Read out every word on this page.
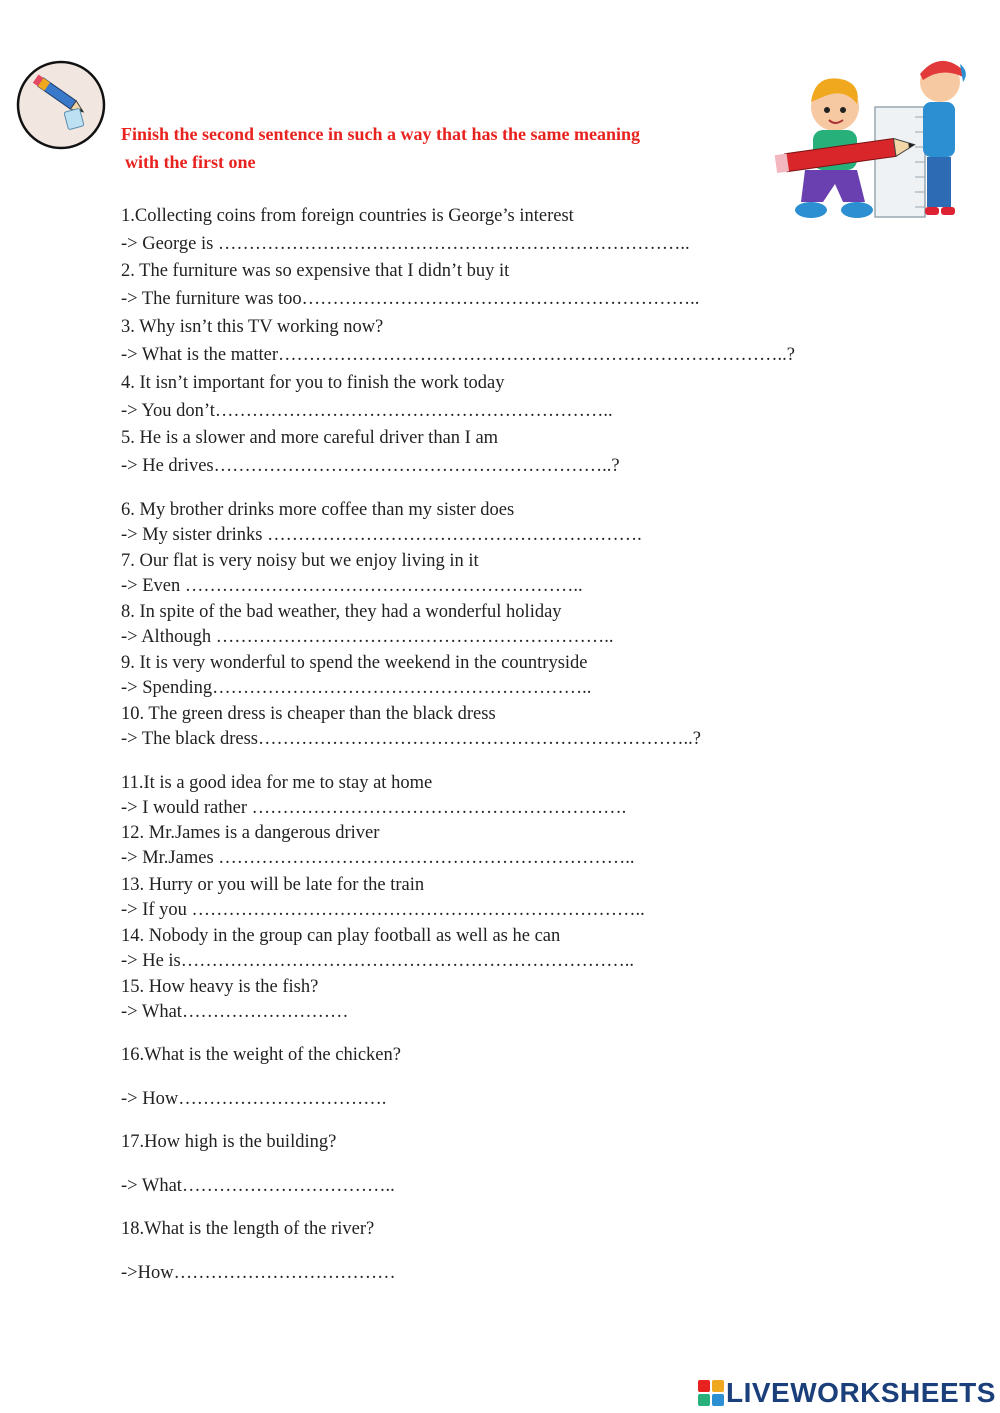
Finish the second sentence in such a way that has the same meaning
with the first one
1.Collecting coins from foreign countries is George’s interest
-> George is …………………………………………………………………..
2. The furniture was so expensive that I didn’t buy it
-> The furniture was too………………………………………………………..
3. Why isn’t this TV working now?
-> What is the matter………………………………………………………………………..?
4. It isn’t important for you to finish the work today
-> You don’t………………………………………………………..
5. He is a slower and more careful driver than I am
-> He drives………………………………………………………..?
6. My brother drinks more coffee than my sister does
-> My sister drinks …………………………………………………….
7. Our flat is very noisy but we enjoy living in it
-> Even ………………………………………………………..
8. In spite of the bad weather, they had a wonderful holiday
-> Although ………………………………………………………..
9. It is very wonderful to spend the weekend in the countryside
-> Spending……………………………………………………..
10. The green dress is cheaper than the black dress
-> The black dress……………………………………………………………..?
11.It is a good idea for me to stay at home
-> I would rather …………………………………………………….
12. Mr.James is a dangerous driver
-> Mr.James …………………………………………………………..
13. Hurry or you will be late for the train
-> If you ………………………………………………………………..
14. Nobody in the group can play football as well as he can
-> He is………………………………………………………………..
15. How heavy is the fish?
-> What………………………
16.What is the weight of the chicken?
-> How…………………………….
17.How high is the building?
-> What……………………………..
18.What is the length of the river?
->How………………………………
LIVEWORKSHEETS
